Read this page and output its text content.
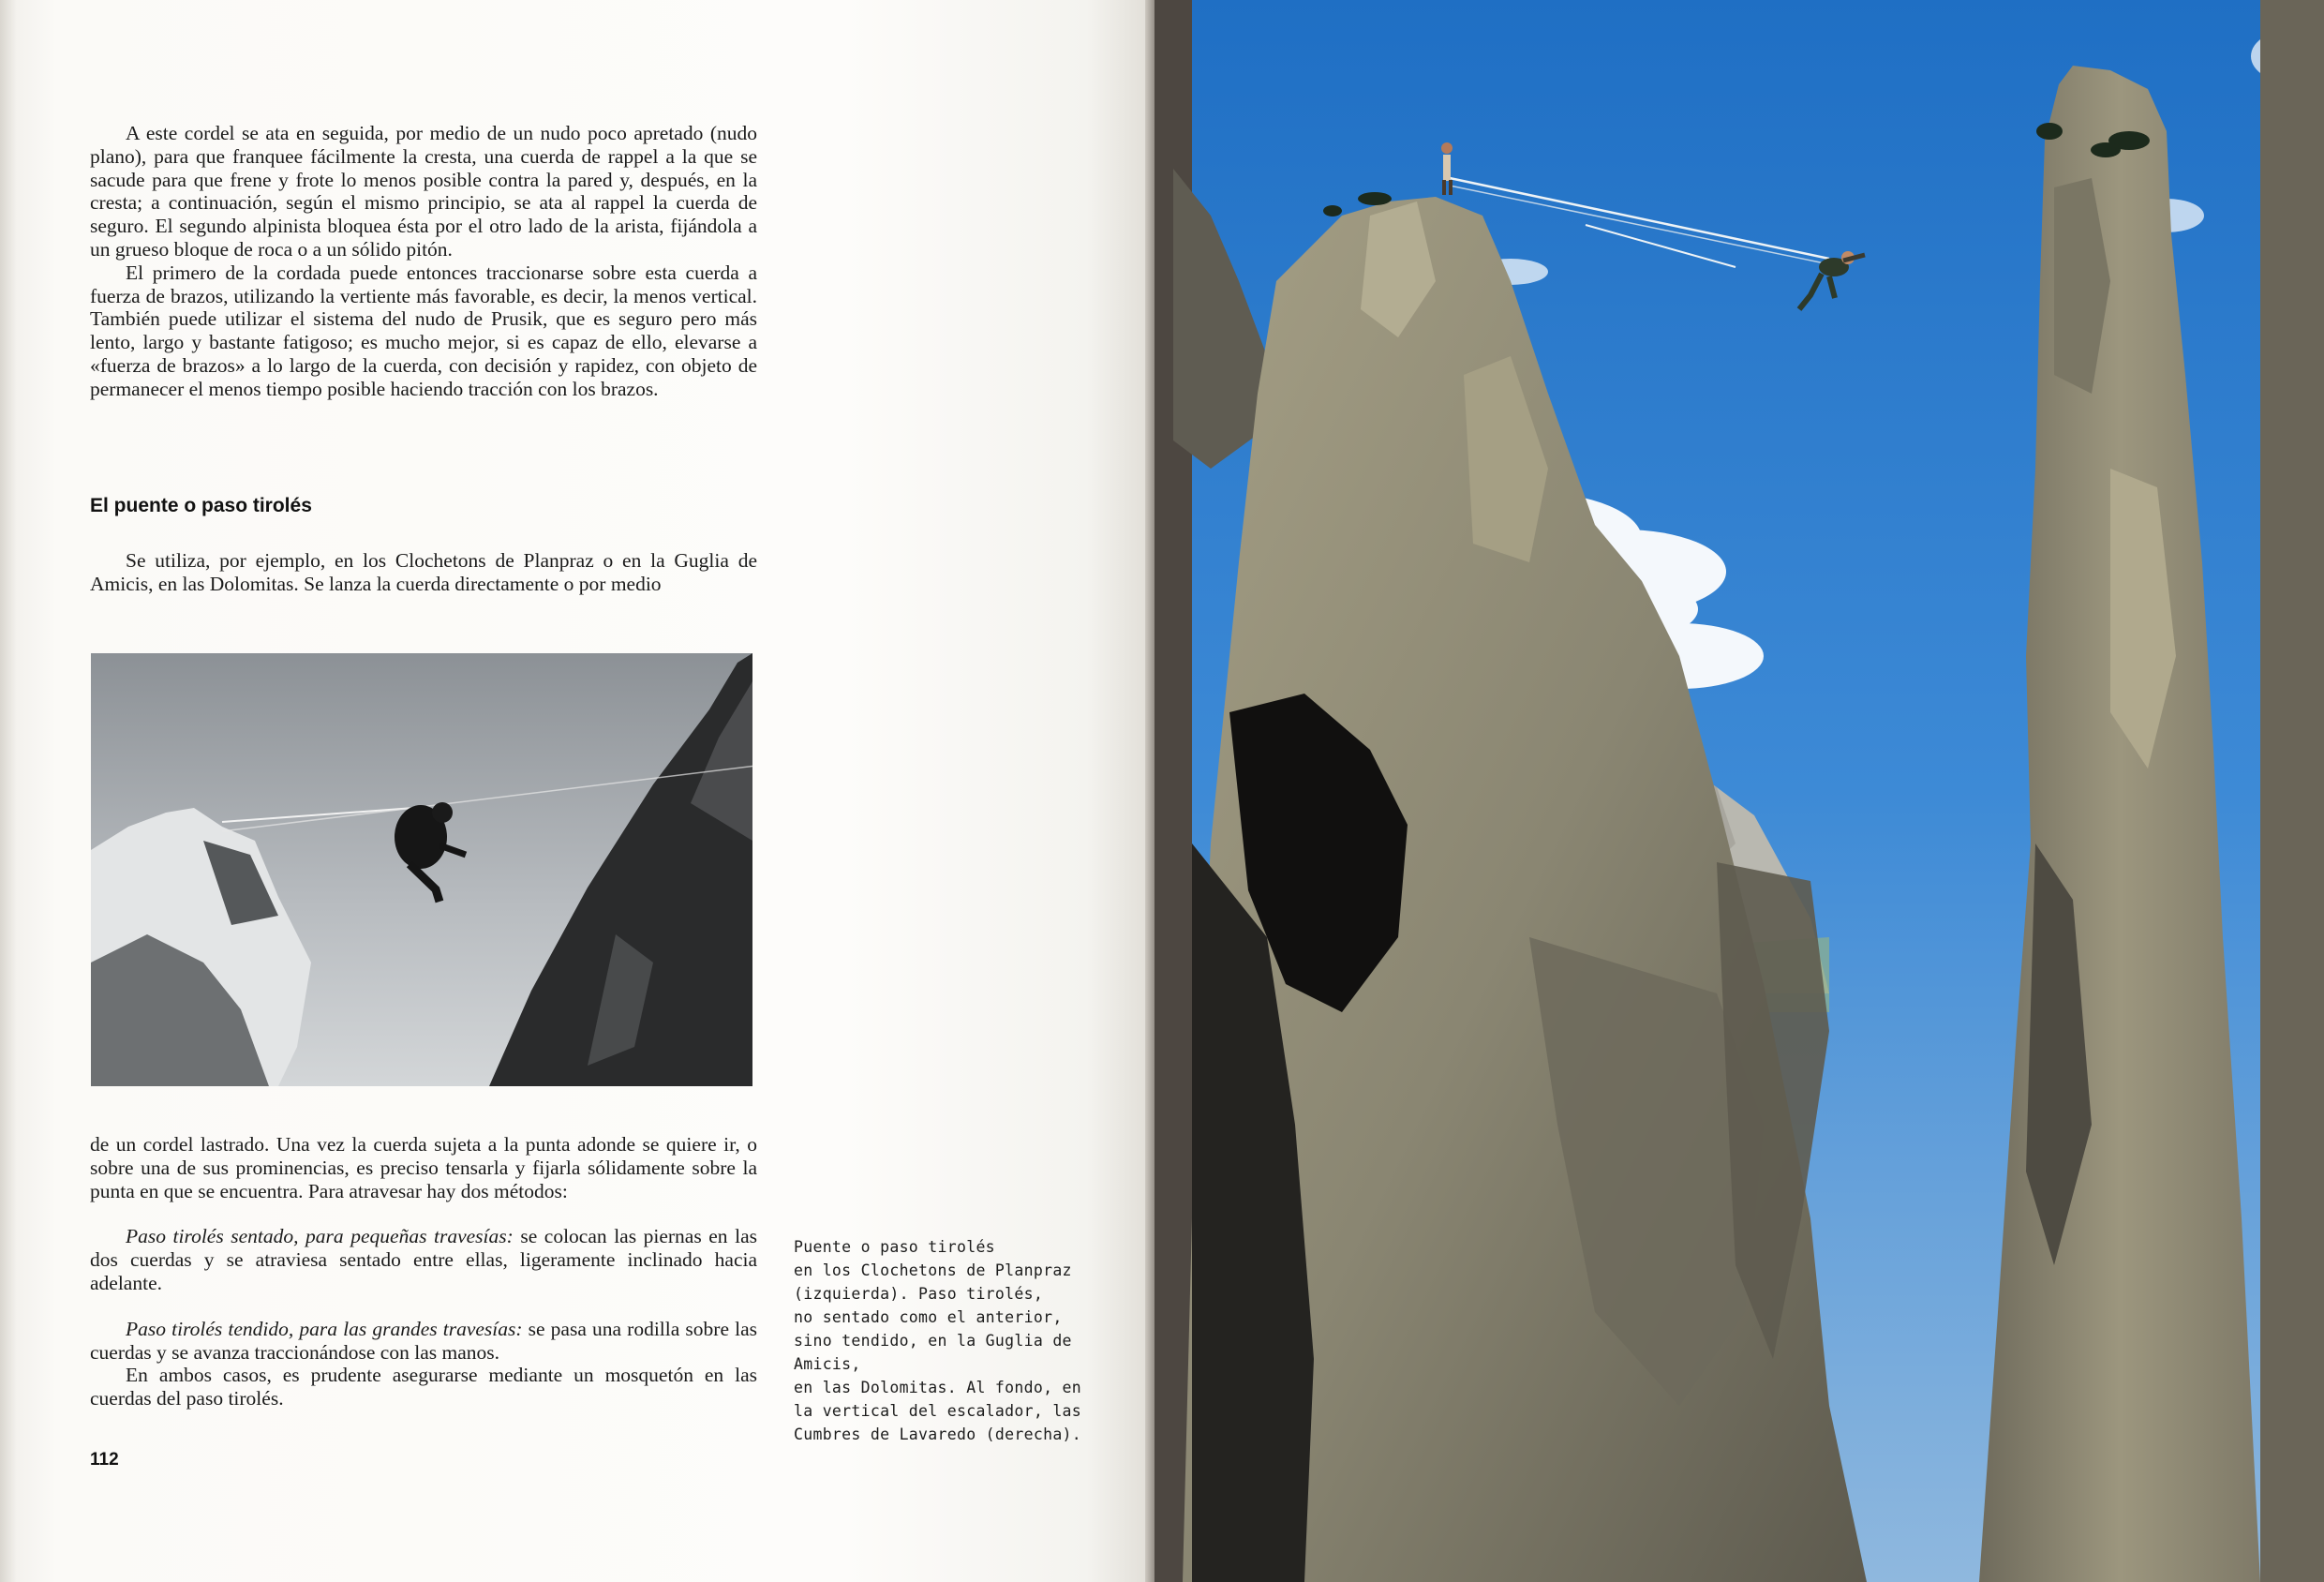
A este cordel se ata en seguida, por medio de un nudo poco apretado (nudo plano), para que franquee fácilmente la cresta, una cuerda de rappel a la que se sacude para que frene y frote lo menos posible contra la pared y, después, en la cresta; a continuación, según el mismo principio, se ata al rappel la cuerda de seguro. El segundo alpinista bloquea ésta por el otro lado de la arista, fijándola a un grueso bloque de roca o a un sólido pitón.

El primero de la cordada puede entonces traccionarse sobre esta cuerda a fuerza de brazos, utilizando la vertiente más favorable, es decir, la menos vertical. También puede utilizar el sistema del nudo de Prusik, que es seguro pero más lento, largo y bastante fatigoso; es mucho mejor, si es capaz de ello, elevarse a «fuerza de brazos» a lo largo de la cuerda, con decisión y rapidez, con objeto de permanecer el menos tiempo posible haciendo tracción con los brazos.

El puente o paso tirolés

Se utiliza, por ejemplo, en los Clochetons de Planpraz o en la Guglia de Amicis, en las Dolomitas. Se lanza la cuerda directamente o por medio

de un cordel lastrado. Una vez la cuerda sujeta a la punta adonde se quiere ir, o sobre una de sus prominencias, es preciso tensarla y fijarla sólidamente sobre la punta en que se encuentra. Para atravesar hay dos métodos:

Paso tirolés sentado, para pequeñas travesías: se colocan las piernas en las dos cuerdas y se atraviesa sentado entre ellas, ligeramente inclinado hacia adelante.

Paso tirolés tendido, para las grandes travesías: se pasa una rodilla sobre las cuerdas y se avanza traccionándose con las manos.

En ambos casos, es prudente asegurarse mediante un mosquetón en las cuerdas del paso tirolés.

Puente o paso tirolés
en los Clochetons de Planpraz
(izquierda). Paso tirolés,
no sentado como el anterior,
sino tendido, en la Guglia de Amicis,
en las Dolomitas. Al fondo, en
la vertical del escalador, las
Cumbres de Lavaredo (derecha).
112
